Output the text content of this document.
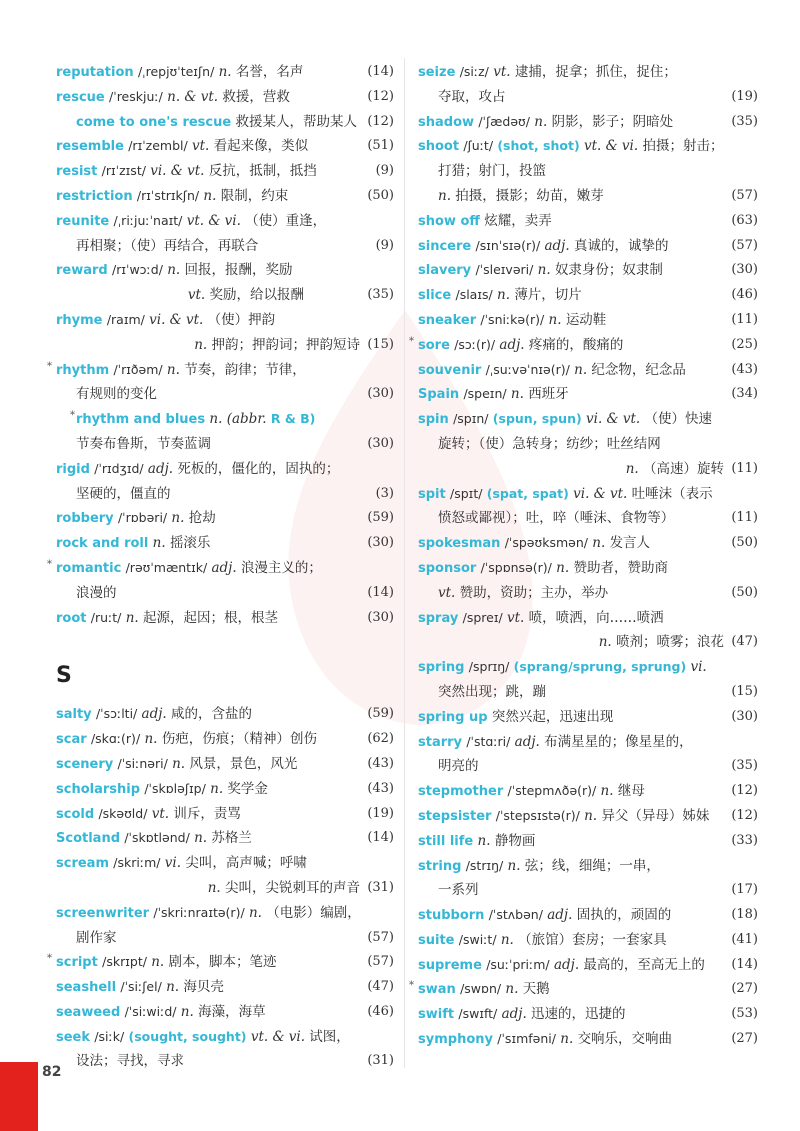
reputation /ˌrepjʊˈteɪʃn/ n. 名誉，名声	(14)
rescue /ˈreskjuː/ n. & vt. 救援，营救	(12)
come to one's rescue 救援某人，帮助某人 (12)
resemble /rɪˈzembl/ vt. 看起来像，类似	(51)
resist /rɪˈzɪst/ vi. & vt. 反抗，抵制，抵挡	(9)
restriction /rɪˈstrɪkʃn/ n. 限制，约束	(50)
reunite /ˌriːjuːˈnaɪt/ vt. & vi. （使）重逢，
再相聚；（使）再结合，再联合	(9)
reward /rɪˈwɔːd/ n. 回报，报酬，奖励
vt. 奖励，给以报酬	(35)
rhyme /raɪm/ vi. & vt. （使）押韵
n. 押韵；押韵词；押韵短诗 (15)
* rhythm /ˈrɪðəm/ n. 节奏，韵律；节律，
有规则的变化	(30)
* rhythm and blues n. (abbr. R & B)
节奏布鲁斯，节奏蓝调	(30)
rigid /ˈrɪdʒɪd/ adj. 死板的，僵化的，固执的；
坚硬的，僵直的	(3)
robbery /ˈrɒbəri/ n. 抢劫	(59)
rock and roll n. 摇滚乐	(30)
* romantic /rəʊˈmæntɪk/ adj. 浪漫主义的；
浪漫的	(14)
root /ruːt/ n. 起源，起因；根，根茎	(30)
S
salty /ˈsɔːlti/ adj. 咸的，含盐的	(59)
scar /skɑː(r)/ n. 伤疤，伤痕；（精神）创伤	(62)
scenery /ˈsiːnəri/ n. 风景，景色，风光	(43)
scholarship /ˈskɒləʃɪp/ n. 奖学金	(43)
scold /skəʊld/ vt. 训斥，责骂	(19)
Scotland /ˈskɒtlənd/ n. 苏格兰	(14)
scream /skriːm/ vi. 尖叫，高声喊；呼啸
n. 尖叫，尖锐刺耳的声音 (31)
screenwriter /ˈskriːnraɪtə(r)/ n. （电影）编剧，
剧作家	(57)
* script /skrɪpt/ n. 剧本，脚本；笔迹	(57)
seashell /ˈsiːʃel/ n. 海贝壳	(47)
seaweed /ˈsiːwiːd/ n. 海藻，海草	(46)
seek /siːk/ (sought, sought) vt. & vi. 试图，
设法；寻找，寻求	(31)
seize /siːz/ vt. 逮捕，捉拿；抓住，捉住；
夺取，攻占	(19)
shadow /ˈʃædəʊ/ n. 阴影，影子；阴暗处	(35)
shoot /ʃuːt/ (shot, shot) vt. & vi. 拍摄；射击；
打猎；射门，投篮
n. 拍摄，摄影；幼苗，嫩芽	(57)
show off 炫耀，卖弄	(63)
sincere /sɪnˈsɪə(r)/ adj. 真诚的，诚挚的	(57)
slavery /ˈsleɪvəri/ n. 奴隶身份；奴隶制	(30)
slice /slaɪs/ n. 薄片，切片	(46)
sneaker /ˈsniːkə(r)/ n. 运动鞋	(11)
* sore /sɔː(r)/ adj. 疼痛的，酸痛的	(25)
souvenir /ˌsuːvəˈnɪə(r)/ n. 纪念物，纪念品	(43)
Spain /speɪn/ n. 西班牙	(34)
spin /spɪn/ (spun, spun) vi. & vt. （使）快速
旋转；（使）急转身；纺纱；吐丝结网
n. （高速）旋转 (11)
spit /spɪt/ (spat, spat) vi. & vt. 吐唾沫（表示
愤怒或鄙视）；吐，啐（唾沫、食物等）	(11)
spokesman /ˈspəʊksmən/ n. 发言人	(50)
sponsor /ˈspɒnsə(r)/ n. 赞助者，赞助商
vt. 赞助，资助；主办，举办	(50)
spray /spreɪ/ vt. 喷，喷洒，向……喷洒
n. 喷剂；喷雾；浪花 (47)
spring /sprɪŋ/ (sprang/sprung, sprung) vi.
突然出现；跳，蹦	(15)
spring up 突然兴起，迅速出现	(30)
starry /ˈstɑːri/ adj. 布满星星的；像星星的，
明亮的	(35)
stepmother /ˈstepmʌðə(r)/ n. 继母	(12)
stepsister /ˈstepsɪstə(r)/ n. 异父（异母）姊妹 (12)
still life n. 静物画	(33)
string /strɪŋ/ n. 弦；线，细绳；一串，
一系列	(17)
stubborn /ˈstʌbən/ adj. 固执的，顽固的	(18)
suite /swiːt/ n. （旅馆）套房；一套家具	(41)
supreme /suːˈpriːm/ adj. 最高的，至高无上的 (14)
* swan /swɒn/ n. 天鹅	(27)
swift /swɪft/ adj. 迅速的，迅捷的	(53)
symphony /ˈsɪmfəni/ n. 交响乐，交响曲	(27)
82
